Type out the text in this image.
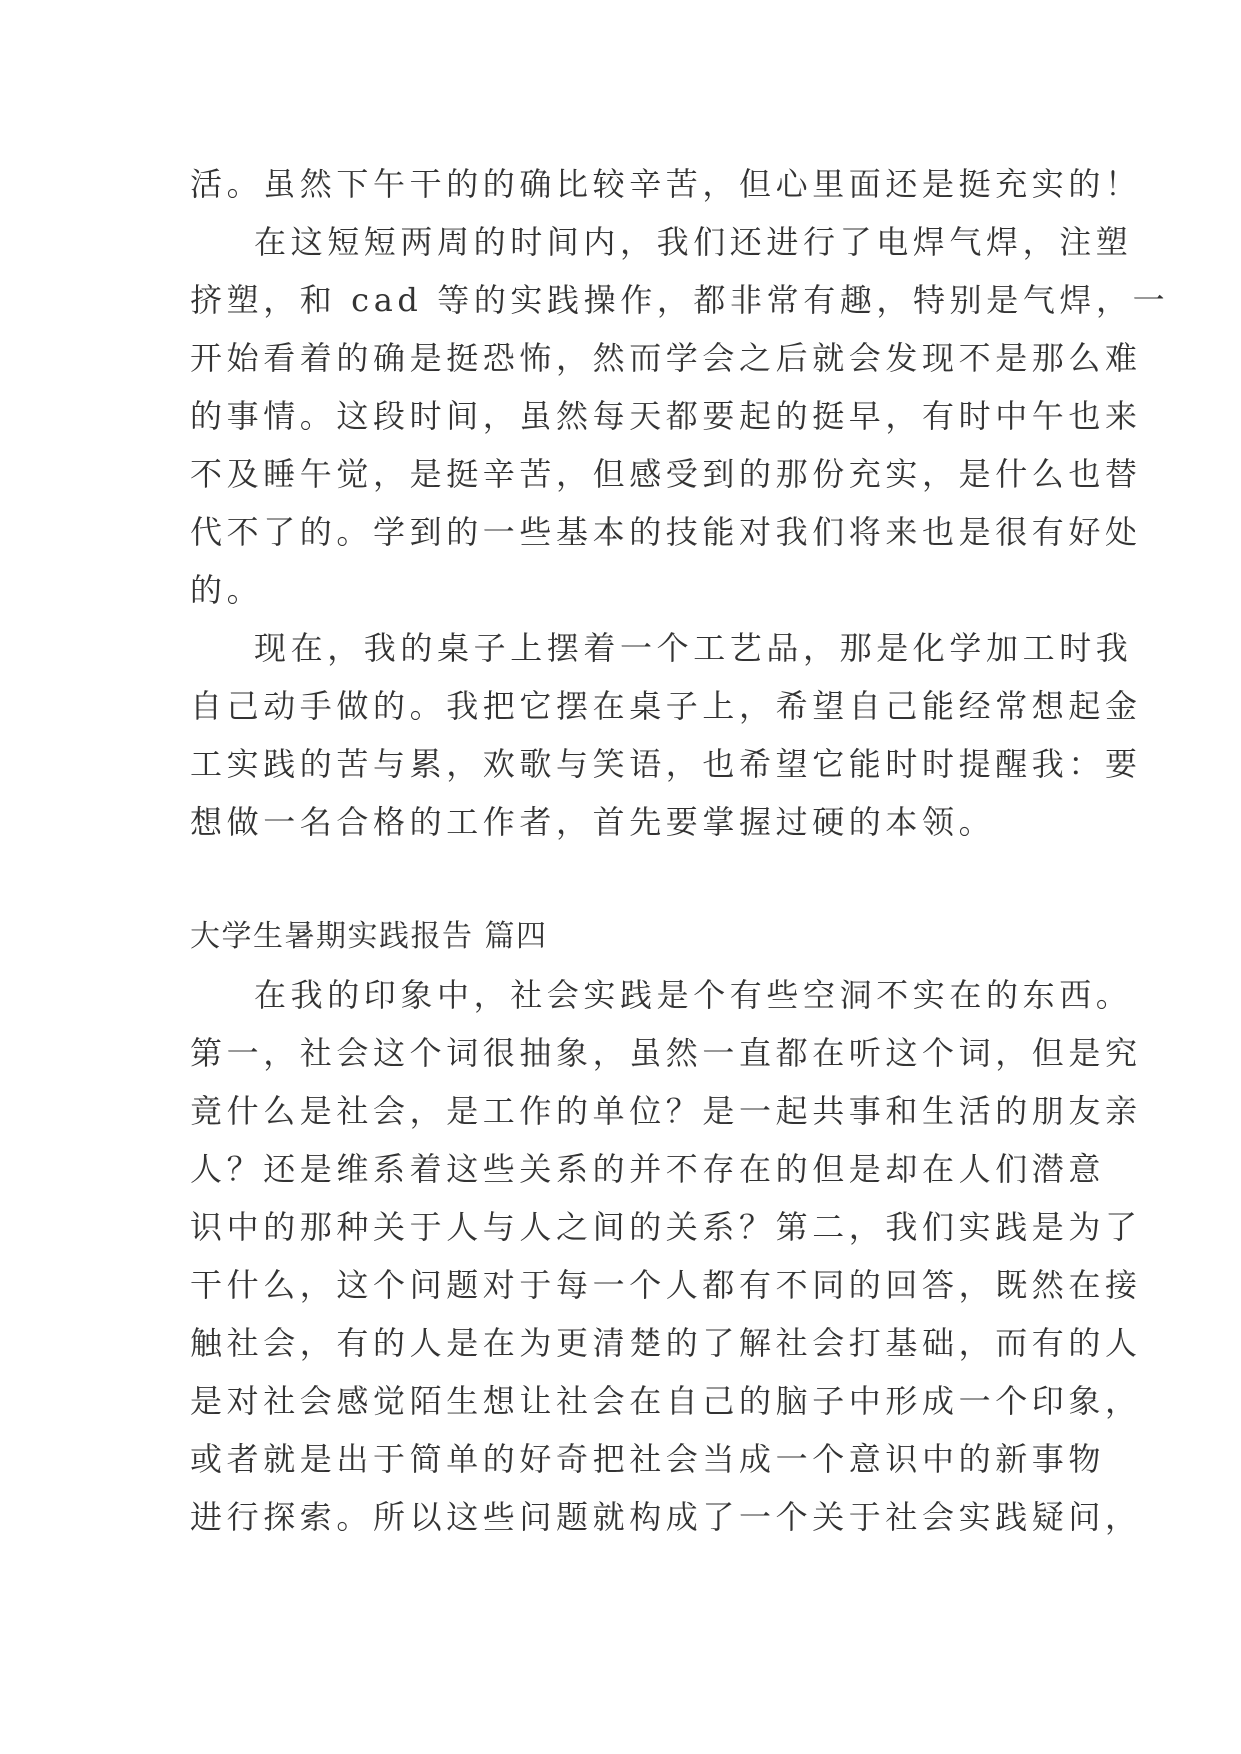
活。虽然下午干的的确比较辛苦，但心里面还是挺充实的！
在这短短两周的时间内，我们还进行了电焊气焊，注塑
挤塑，和 cad 等的实践操作，都非常有趣，特别是气焊，一
开始看着的确是挺恐怖，然而学会之后就会发现不是那么难
的事情。这段时间，虽然每天都要起的挺早，有时中午也来
不及睡午觉，是挺辛苦，但感受到的那份充实，是什么也替
代不了的。学到的一些基本的技能对我们将来也是很有好处
的。
现在，我的桌子上摆着一个工艺品，那是化学加工时我
自己动手做的。我把它摆在桌子上，希望自己能经常想起金
工实践的苦与累，欢歌与笑语，也希望它能时时提醒我：要
想做一名合格的工作者，首先要掌握过硬的本领。
大学生暑期实践报告 篇四
在我的印象中，社会实践是个有些空洞不实在的东西。
第一，社会这个词很抽象，虽然一直都在听这个词，但是究
竟什么是社会，是工作的单位？是一起共事和生活的朋友亲
人？还是维系着这些关系的并不存在的但是却在人们潜意
识中的那种关于人与人之间的关系？第二，我们实践是为了
干什么，这个问题对于每一个人都有不同的回答，既然在接
触社会，有的人是在为更清楚的了解社会打基础，而有的人
是对社会感觉陌生想让社会在自己的脑子中形成一个印象，
或者就是出于简单的好奇把社会当成一个意识中的新事物
进行探索。所以这些问题就构成了一个关于社会实践疑问，
